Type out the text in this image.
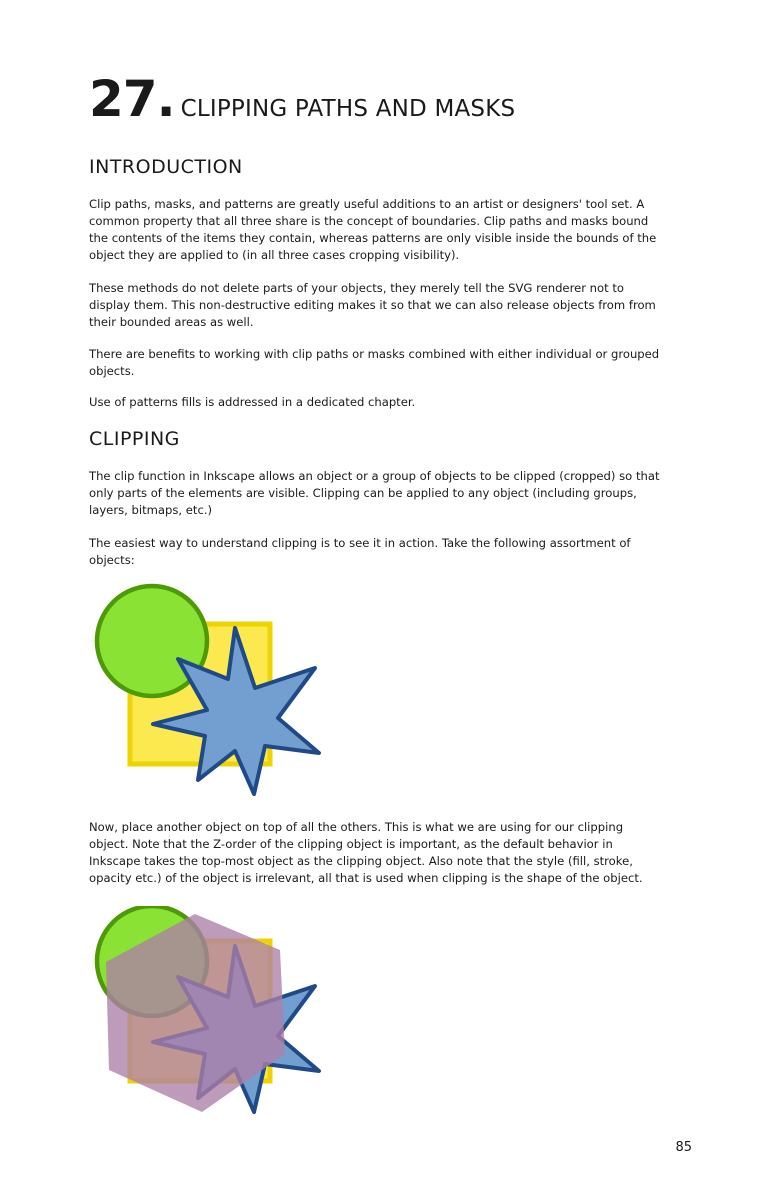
27. CLIPPING PATHS AND MASKS
INTRODUCTION

Clip paths, masks, and patterns are greatly useful additions to an artist or designers' tool set. A common property that all three share is the concept of boundaries. Clip paths and masks bound the contents of the items they contain, whereas patterns are only visible inside the bounds of the object they are applied to (in all three cases cropping visibility).

These methods do not delete parts of your objects, they merely tell the SVG renderer not to display them. This non-destructive editing makes it so that we can also release objects from from their bounded areas as well.

There are benefits to working with clip paths or masks combined with either individual or grouped objects.

Use of patterns fills is addressed in a dedicated chapter.

CLIPPING

The clip function in Inkscape allows an object or a group of objects to be clipped (cropped) so that only parts of the elements are visible. Clipping can be applied to any object (including groups, layers, bitmaps, etc.)

The easiest way to understand clipping is to see it in action. Take the following assortment of objects:

Now, place another object on top of all the others. This is what we are using for our clipping object. Note that the Z-order of the clipping object is important, as the default behavior in Inkscape takes the top-most object as the clipping object. Also note that the style (fill, stroke, opacity etc.) of the object is irrelevant, all that is used when clipping is the shape of the object.

85
